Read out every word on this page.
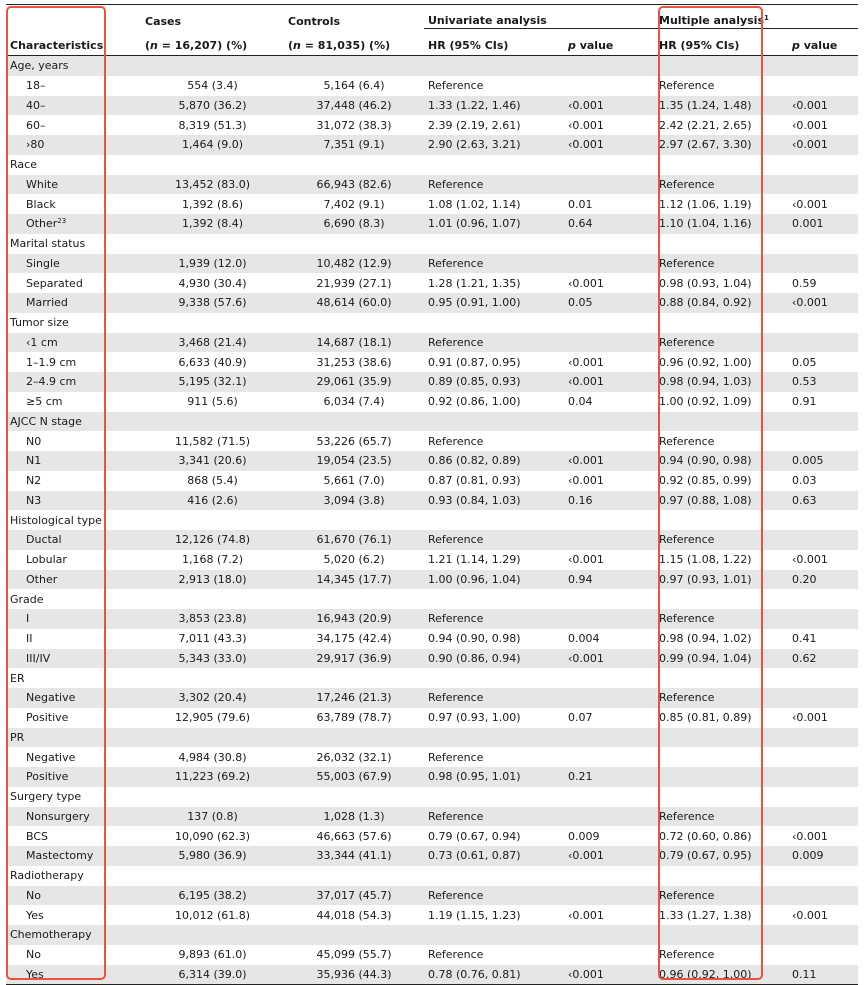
	Cases	Controls	Univariate analysis		Multiple analysis$^1$
Characteristics	(n = 16,207) (%)	(n = 81,035) (%)	HR (95% CIs)	p value	HR (95% CIs)	p value
Age, years						
18–	554 (3.4)	5,164 (6.4)	Reference		Reference	
40–	5,870 (36.2)	37,448 (46.2)	1.33 (1.22, 1.46)	‹0.001	1.35 (1.24, 1.48)	‹0.001
60–	8,319 (51.3)	31,072 (38.3)	2.39 (2.19, 2.61)	‹0.001	2.42 (2.21, 2.65)	‹0.001
›80	1,464 (9.0)	7,351 (9.1)	2.90 (2.63, 3.21)	‹0.001	2.97 (2.67, 3.30)	‹0.001
Race						
White	13,452 (83.0)	66,943 (82.6)	Reference		Reference	
Black	1,392 (8.6)	7,402 (9.1)	1.08 (1.02, 1.14)	0.01	1.12 (1.06, 1.19)	‹0.001
Other$^{23}$	1,392 (8.4)	6,690 (8.3)	1.01 (0.96, 1.07)	0.64	1.10 (1.04, 1.16)	0.001
Marital status						
Single	1,939 (12.0)	10,482 (12.9)	Reference		Reference	
Separated	4,930 (30.4)	21,939 (27.1)	1.28 (1.21, 1.35)	‹0.001	0.98 (0.93, 1.04)	0.59
Married	9,338 (57.6)	48,614 (60.0)	0.95 (0.91, 1.00)	0.05	0.88 (0.84, 0.92)	‹0.001
Tumor size						
‹1 cm	3,468 (21.4)	14,687 (18.1)	Reference		Reference	
1–1.9 cm	6,633 (40.9)	31,253 (38.6)	0.91 (0.87, 0.95)	‹0.001	0.96 (0.92, 1.00)	0.05
2–4.9 cm	5,195 (32.1)	29,061 (35.9)	0.89 (0.85, 0.93)	‹0.001	0.98 (0.94, 1.03)	0.53
≥5 cm	911 (5.6)	6,034 (7.4)	0.92 (0.86, 1.00)	0.04	1.00 (0.92, 1.09)	0.91
AJCC N stage						
N0	11,582 (71.5)	53,226 (65.7)	Reference		Reference	
N1	3,341 (20.6)	19,054 (23.5)	0.86 (0.82, 0.89)	‹0.001	0.94 (0.90, 0.98)	0.005
N2	868 (5.4)	5,661 (7.0)	0.87 (0.81, 0.93)	‹0.001	0.92 (0.85, 0.99)	0.03
N3	416 (2.6)	3,094 (3.8)	0.93 (0.84, 1.03)	0.16	0.97 (0.88, 1.08)	0.63
Histological type						
Ductal	12,126 (74.8)	61,670 (76.1)	Reference		Reference	
Lobular	1,168 (7.2)	5,020 (6.2)	1.21 (1.14, 1.29)	‹0.001	1.15 (1.08, 1.22)	‹0.001
Other	2,913 (18.0)	14,345 (17.7)	1.00 (0.96, 1.04)	0.94	0.97 (0.93, 1.01)	0.20
Grade						
I	3,853 (23.8)	16,943 (20.9)	Reference		Reference	
II	7,011 (43.3)	34,175 (42.4)	0.94 (0.90, 0.98)	0.004	0.98 (0.94, 1.02)	0.41
III/IV	5,343 (33.0)	29,917 (36.9)	0.90 (0.86, 0.94)	‹0.001	0.99 (0.94, 1.04)	0.62
ER						
Negative	3,302 (20.4)	17,246 (21.3)	Reference		Reference	
Positive	12,905 (79.6)	63,789 (78.7)	0.97 (0.93, 1.00)	0.07	0.85 (0.81, 0.89)	‹0.001
PR						
Negative	4,984 (30.8)	26,032 (32.1)	Reference			
Positive	11,223 (69.2)	55,003 (67.9)	0.98 (0.95, 1.01)	0.21		
Surgery type						
Nonsurgery	137 (0.8)	1,028 (1.3)	Reference		Reference	
BCS	10,090 (62.3)	46,663 (57.6)	0.79 (0.67, 0.94)	0.009	0.72 (0.60, 0.86)	‹0.001
Mastectomy	5,980 (36.9)	33,344 (41.1)	0.73 (0.61, 0.87)	‹0.001	0.79 (0.67, 0.95)	0.009
Radiotherapy						
No	6,195 (38.2)	37,017 (45.7)	Reference		Reference	
Yes	10,012 (61.8)	44,018 (54.3)	1.19 (1.15, 1.23)	‹0.001	1.33 (1.27, 1.38)	‹0.001
Chemotherapy						
No	9,893 (61.0)	45,099 (55.7)	Reference		Reference	
Yes	6,314 (39.0)	35,936 (44.3)	0.78 (0.76, 0.81)	‹0.001	0.96 (0.92, 1.00)	0.11
